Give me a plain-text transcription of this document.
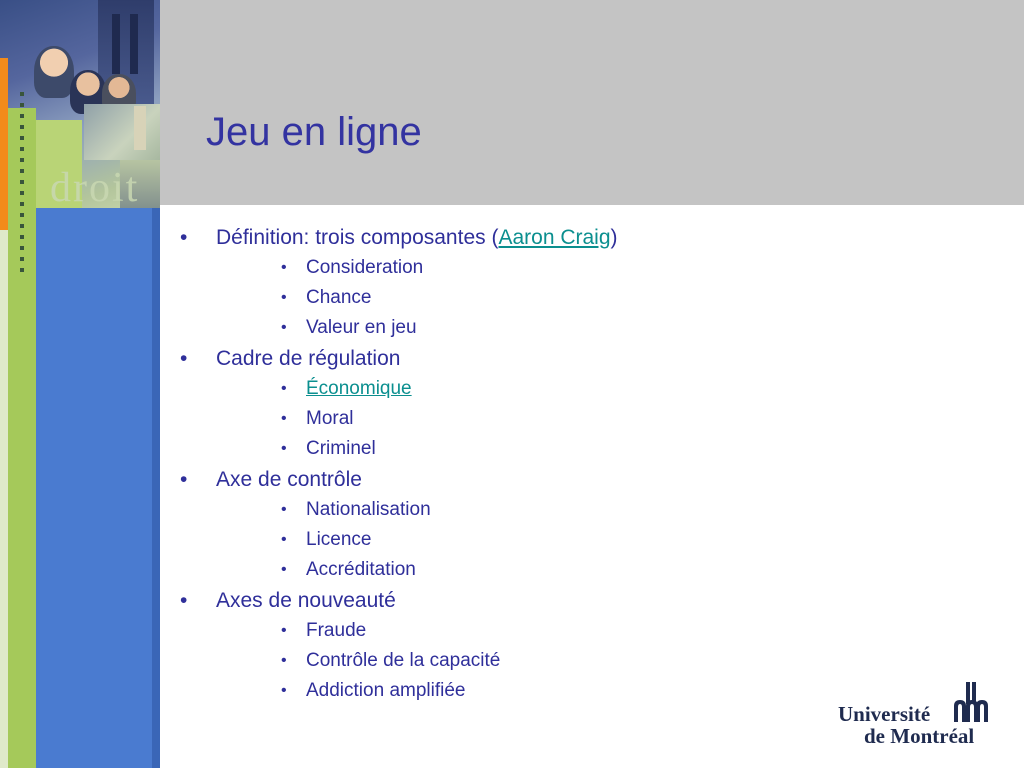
droit
Jeu en ligne
• Définition: trois composantes (Aaron Craig)
• Consideration
• Chance
• Valeur en jeu
• Cadre de régulation
• Économique
• Moral
• Criminel
• Axe de contrôle
• Nationalisation
• Licence
• Accréditation
• Axes de nouveauté
• Fraude
• Contrôle de la capacité
• Addiction amplifiée
Université
de Montréal
